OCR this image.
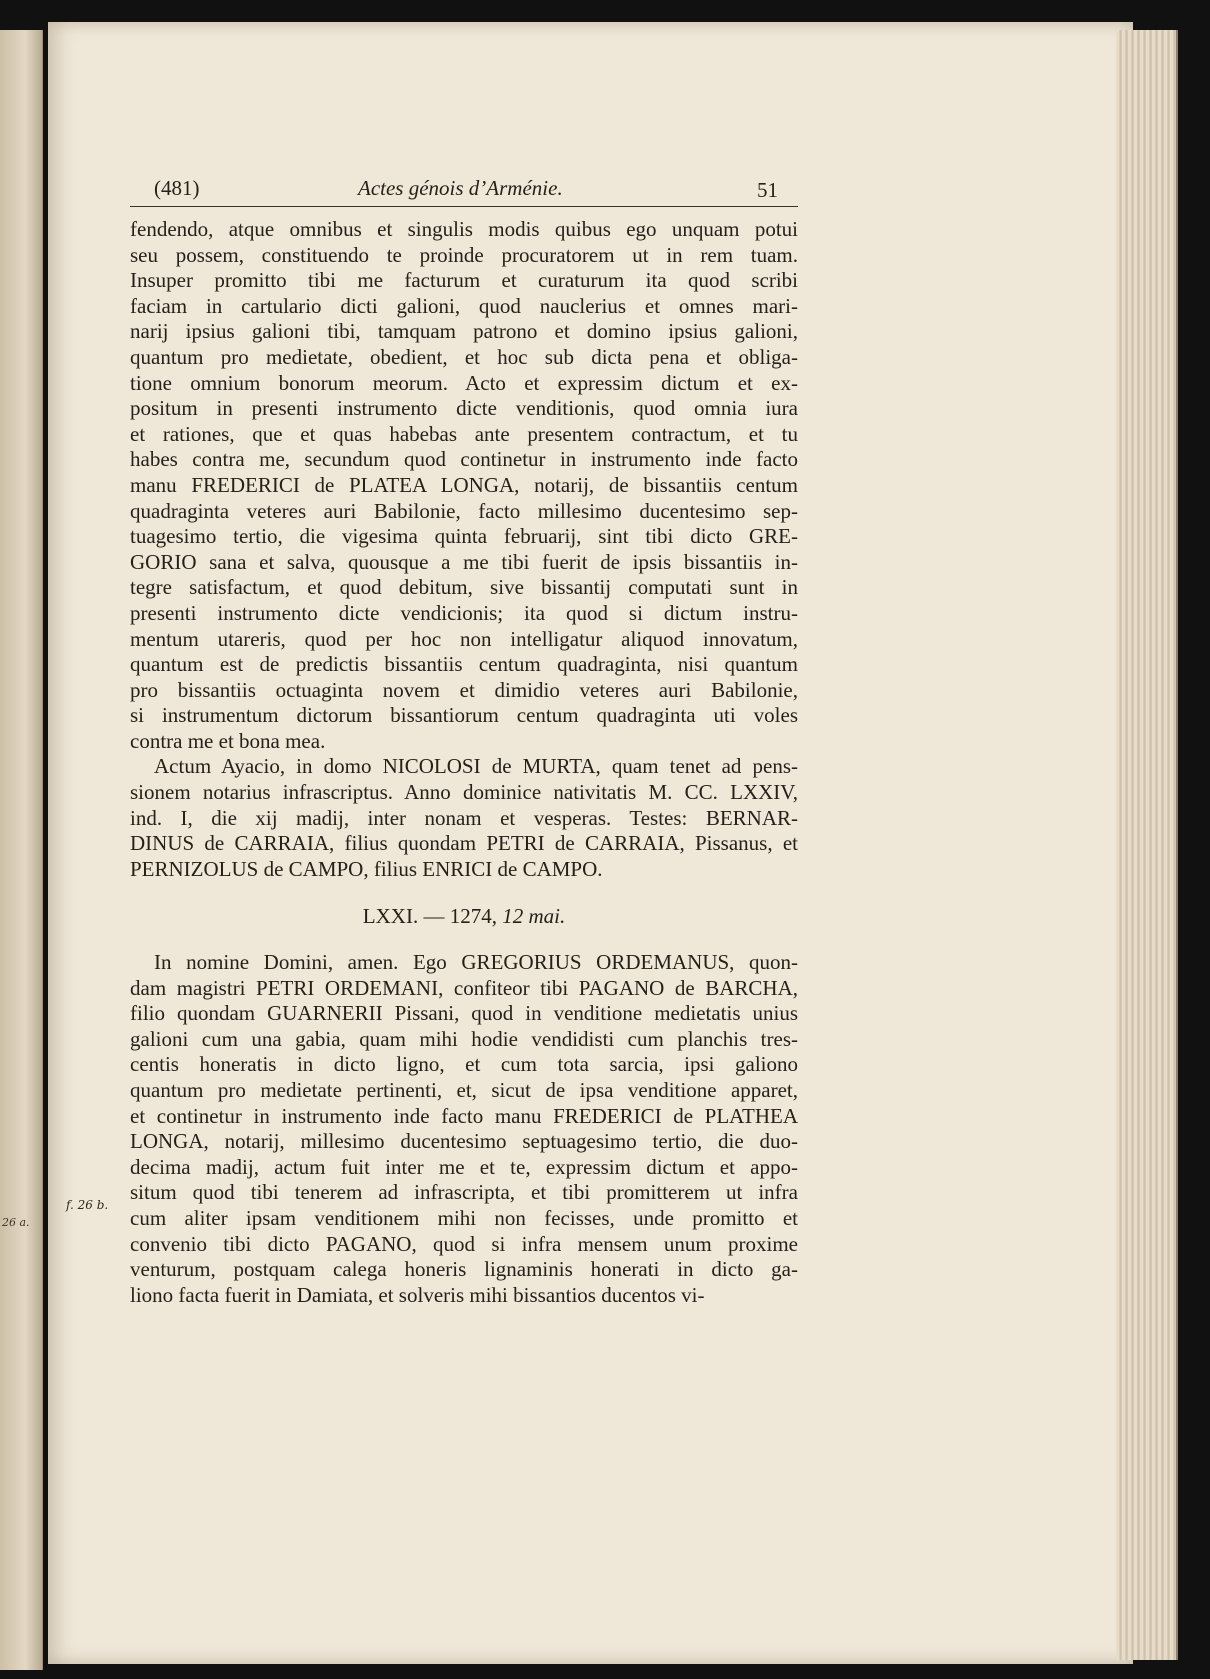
26 a.
f. 26 b.
(481)	Actes génois d’Arménie.	51
fendendo, atque omnibus et singulis modis quibus ego unquam potui
seu possem, constituendo te proinde procuratorem ut in rem tuam.
Insuper promitto tibi me facturum et curaturum ita quod scribi
faciam in cartulario dicti galioni, quod nauclerius et omnes mari-
narij ipsius galioni tibi, tamquam patrono et domino ipsius galioni,
quantum pro medietate, obedient, et hoc sub dicta pena et obliga-
tione omnium bonorum meorum. Acto et expressim dictum et ex-
positum in presenti instrumento dicte venditionis, quod omnia iura
et rationes, que et quas habebas ante presentem contractum, et tu
habes contra me, secundum quod continetur in instrumento inde facto
manu FREDERICI de PLATEA LONGA, notarij, de bissantiis centum
quadraginta veteres auri Babilonie, facto millesimo ducentesimo sep-
tuagesimo tertio, die vigesima quinta februarij, sint tibi dicto GRE-
GORIO sana et salva, quousque a me tibi fuerit de ipsis bissantiis in-
tegre satisfactum, et quod debitum, sive bissantij computati sunt in
presenti instrumento dicte vendicionis; ita quod si dictum instru-
mentum utareris, quod per hoc non intelligatur aliquod innovatum,
quantum est de predictis bissantiis centum quadraginta, nisi quantum
pro bissantiis octuaginta novem et dimidio veteres auri Babilonie,
si instrumentum dictorum bissantiorum centum quadraginta uti voles
contra me et bona mea.
Actum Ayacio, in domo NICOLOSI de MURTA, quam tenet ad pens-
sionem notarius infrascriptus. Anno dominice nativitatis M. CC. LXXIV,
ind. I, die xij madij, inter nonam et vesperas. Testes: BERNAR-
DINUS de CARRAIA, filius quondam PETRI de CARRAIA, Pissanus, et
PERNIZOLUS de CAMPO, filius ENRICI de CAMPO.
LXXI. — 1274, 12 mai.
In nomine Domini, amen. Ego GREGORIUS ORDEMANUS, quon-
dam magistri PETRI ORDEMANI, confiteor tibi PAGANO de BARCHA,
filio quondam GUARNERII Pissani, quod in venditione medietatis unius
galioni cum una gabia, quam mihi hodie vendidisti cum planchis tres-
centis honeratis in dicto ligno, et cum tota sarcia, ipsi galiono
quantum pro medietate pertinenti, et, sicut de ipsa venditione apparet,
et continetur in instrumento inde facto manu FREDERICI de PLATHEA
LONGA, notarij, millesimo ducentesimo septuagesimo tertio, die duo-
decima madij, actum fuit inter me et te, expressim dictum et appo-
situm quod tibi tenerem ad infrascripta, et tibi promitterem ut infra
cum aliter ipsam venditionem mihi non fecisses, unde promitto et
convenio tibi dicto PAGANO, quod si infra mensem unum proxime
venturum, postquam calega honeris lignaminis honerati in dicto ga-
liono facta fuerit in Damiata, et solveris mihi bissantios ducentos vi-
